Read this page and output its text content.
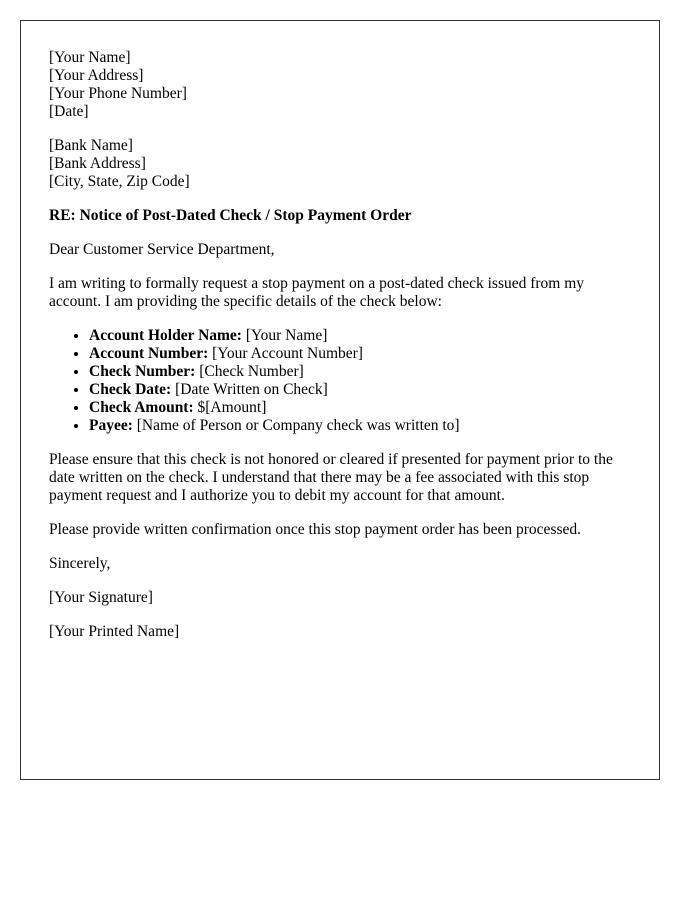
[Your Name]
[Your Address]
[Your Phone Number]
[Date]
[Bank Name]
[Bank Address]
[City, State, Zip Code]
RE: Notice of Post-Dated Check / Stop Payment Order

Dear Customer Service Department,

I am writing to formally request a stop payment on a post-dated check issued from my account. I am providing the specific details of the check below:

• Account Holder Name: [Your Name]
• Account Number: [Your Account Number]
• Check Number: [Check Number]
• Check Date: [Date Written on Check]
• Check Amount: $[Amount]
• Payee: [Name of Person or Company check was written to]

Please ensure that this check is not honored or cleared if presented for payment prior to the date written on the check. I understand that there may be a fee associated with this stop payment request and I authorize you to debit my account for that amount.

Please provide written confirmation once this stop payment order has been processed.

Sincerely,

[Your Signature]

[Your Printed Name]
